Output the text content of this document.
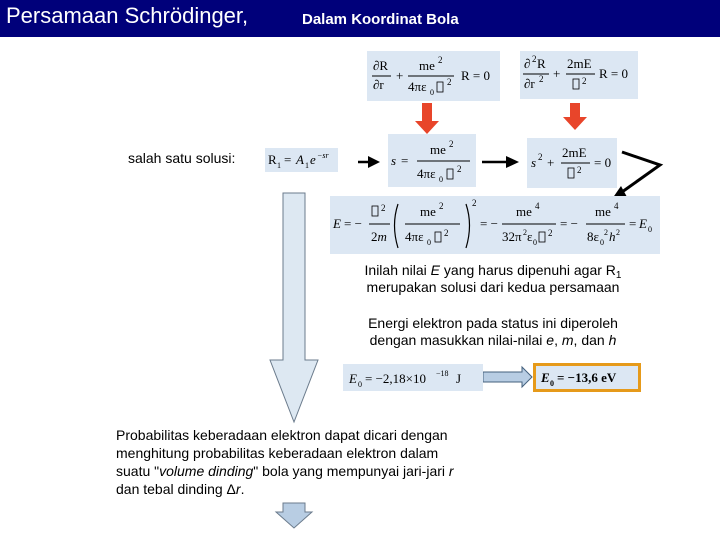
Persamaan Schrödinger,	Dalam Koordinat Bola
∂R
∂r
+
me 2
4πε 0
2 R = 0
∂ 2 R
∂r 2 +
2mE
2 R = 0
salah satu solusi:	R 1 = A 1 e −sr	s =
me 2
4πε 0
2	s 2 +
2mE
2 = 0
E = −
2
2m
me 2
4πε 0
2
2
= −
me 4
32π 2 ε 0
2
= −
me 4
8ε 0
2 h 2
= E 0
Inilah nilai E yang harus dipenuhi agar $R_1$
merupakan solusi dari kedua persamaan
Energi elektron pada status ini diperoleh
dengan masukkan nilai-nilai e, m, dan h
E 0 = −2,18×10 −18 J	E 0 = −13,6 eV
Probabilitas keberadaan elektron dapat dicari dengan
menghitung probabilitas keberadaan elektron dalam
suatu "volume dinding" bola yang mempunyai jari-jari r
dan tebal dinding Δr.
